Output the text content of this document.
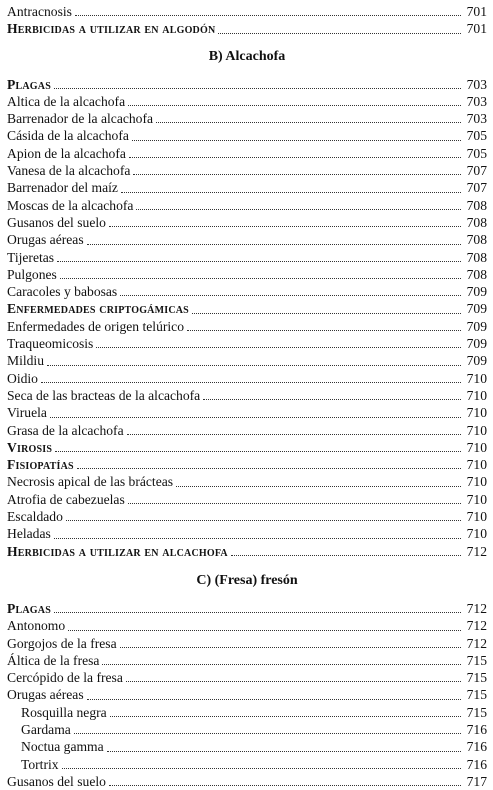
Antracnosis	701
Herbicidas a utilizar en algodón	701
B) Alcachofa
Plagas	703
Altica de la alcachofa	703
Barrenador de la alcachofa	703
Cásida de la alcachofa	705
Apion de la alcachofa	705
Vanesa de la alcachofa	707
Barrenador del maíz	707
Moscas de la alcachofa	708
Gusanos del suelo	708
Orugas aéreas	708
Tijeretas	708
Pulgones	708
Caracoles y babosas	709
Enfermedades criptogámicas	709
Enfermedades de origen telúrico	709
Traqueomicosis	709
Mildiu	709
Oidio	710
Seca de las bracteas de la alcachofa	710
Viruela	710
Grasa de la alcachofa	710
Virosis	710
Fisiopatías	710
Necrosis apical de las brácteas	710
Atrofia de cabezuelas	710
Escaldado	710
Heladas	710
Herbicidas a utilizar en alcachofa	712
C) (Fresa) fresón
Plagas	712
Antonomo	712
Gorgojos de la fresa	712
Áltica de la fresa	715
Cercópido de la fresa	715
Orugas aéreas	715
Rosquilla negra	715
Gardama	716
Noctua gamma	716
Tortrix	716
Gusanos del suelo	717
